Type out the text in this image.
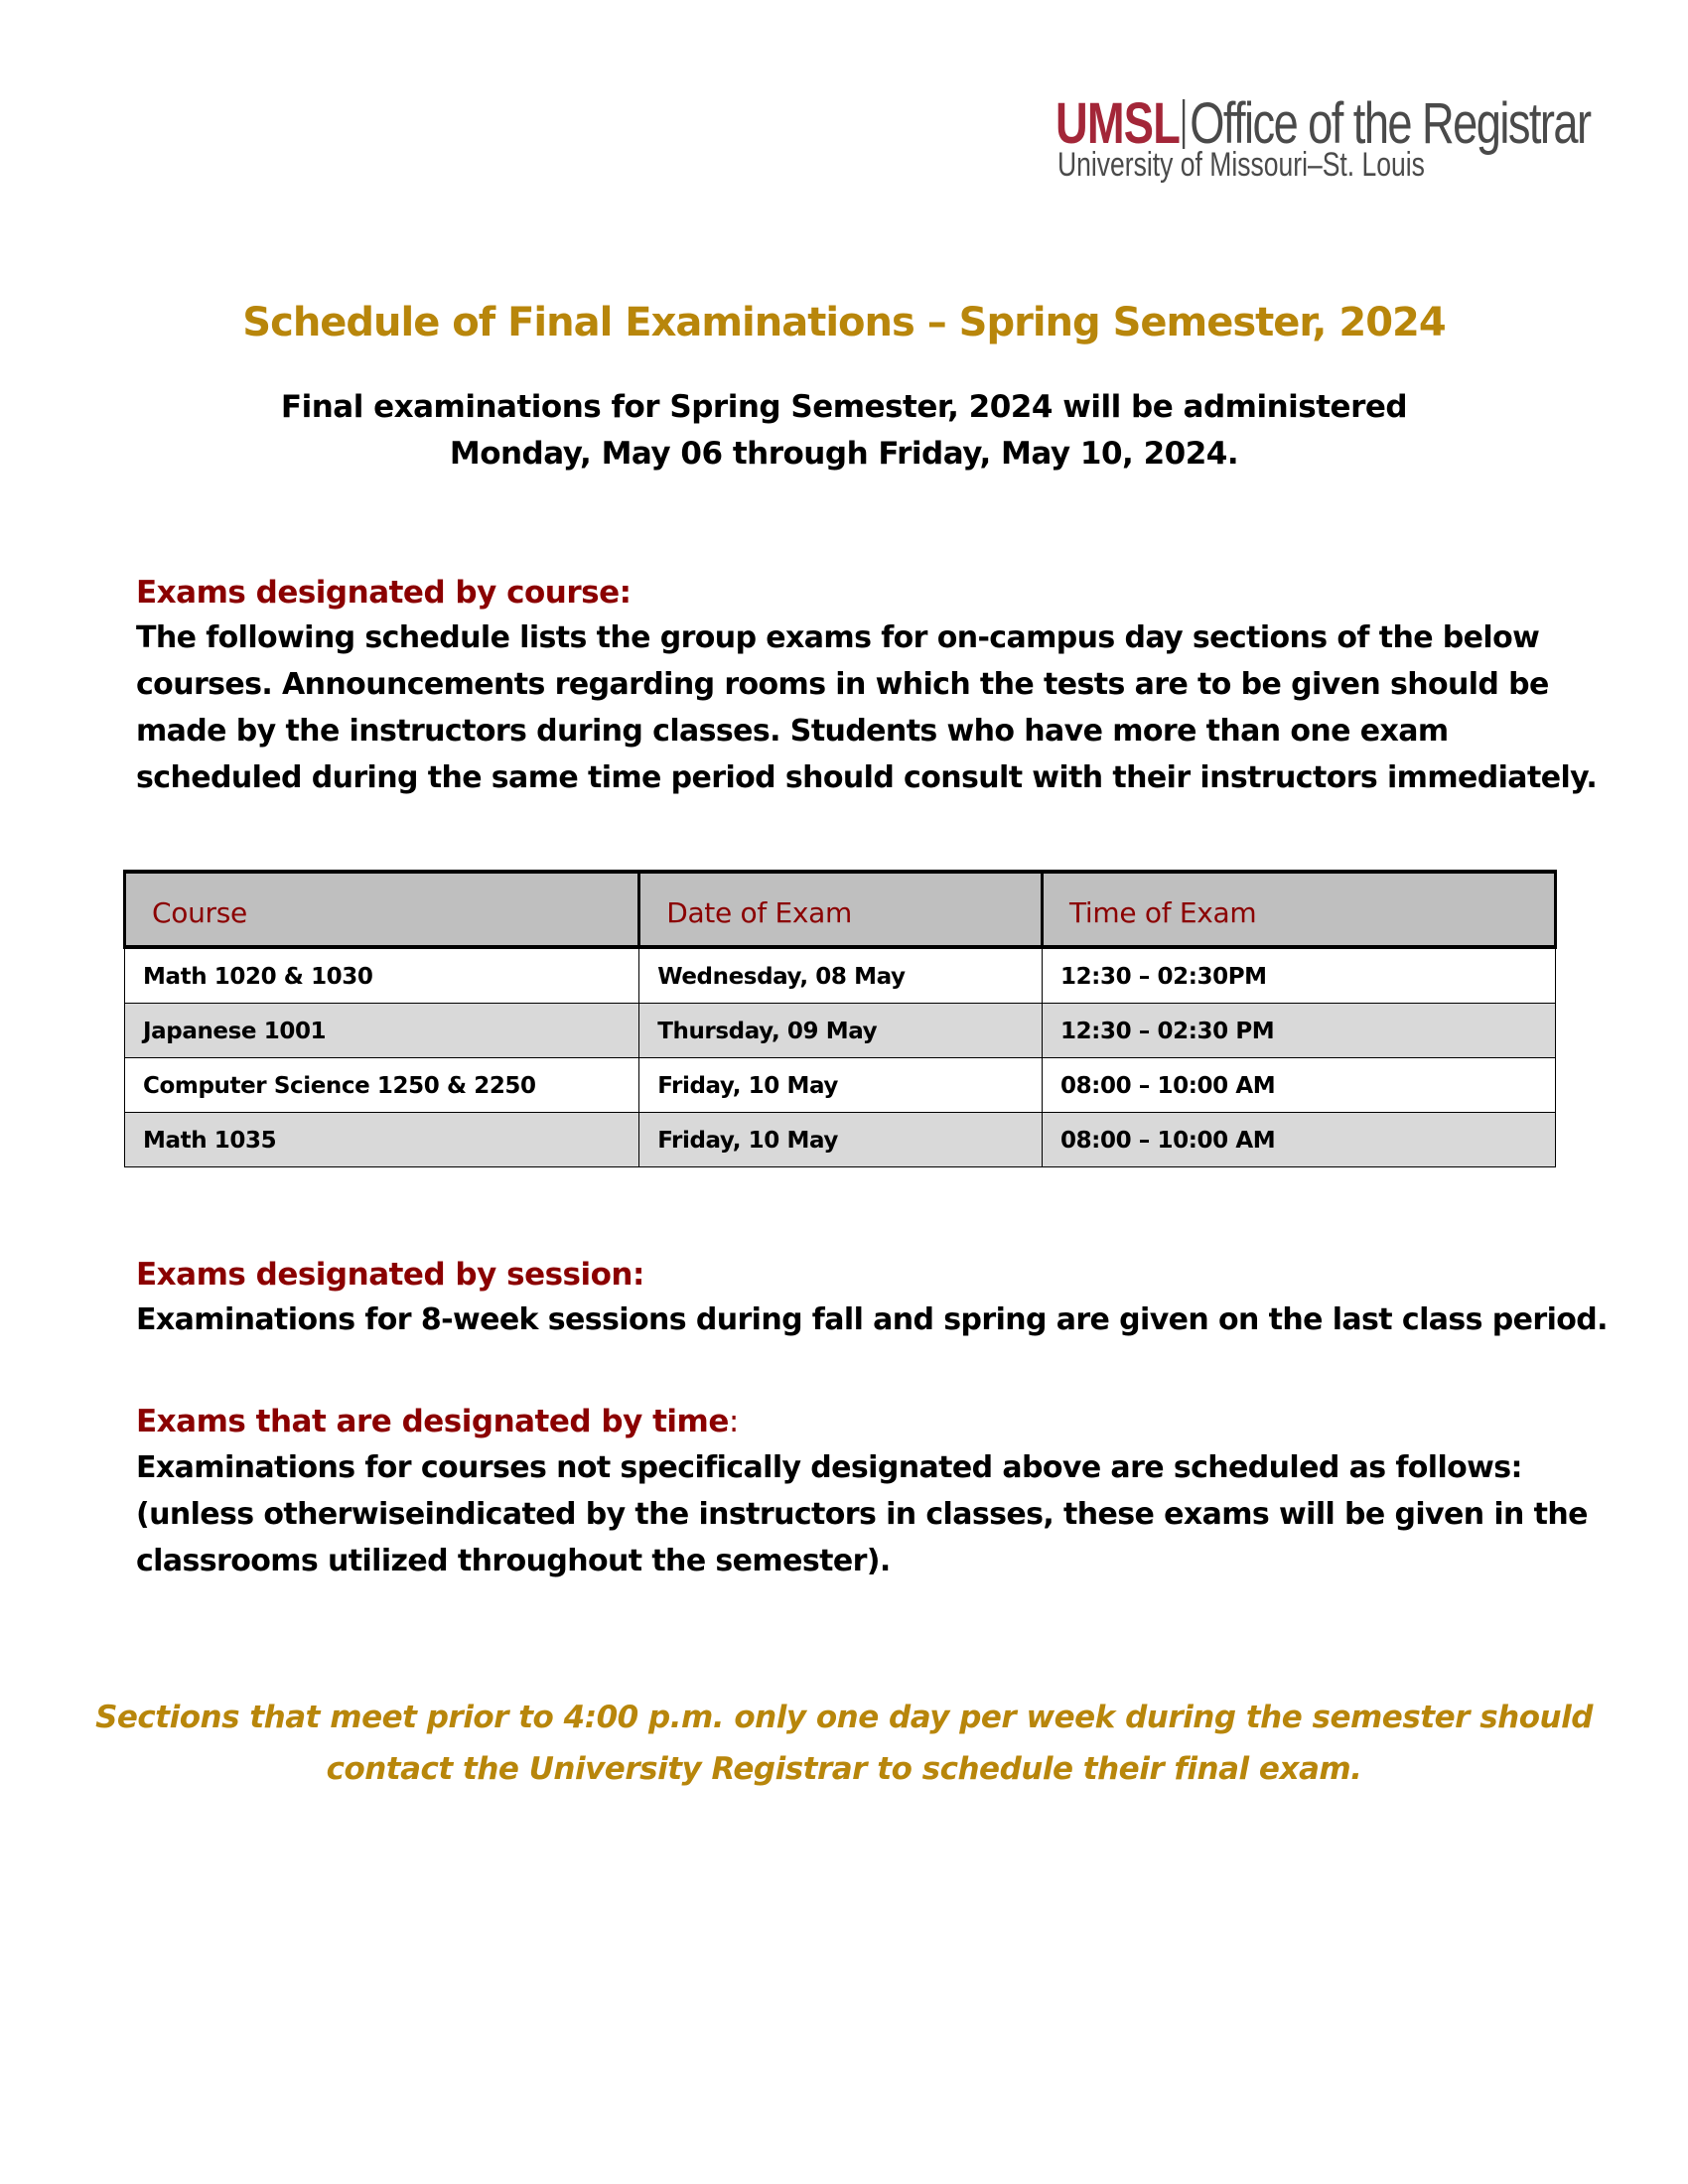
UMSL Office of the Registrar
University of Missouri–St. Louis
Schedule of Final Examinations – Spring Semester, 2024
Final examinations for Spring Semester, 2024 will be administered
Monday, May 06 through Friday, May 10, 2024.
Exams designated by course:
The following schedule lists the group exams for on-campus day sections of the below
courses. Announcements regarding rooms in which the tests are to be given should be
made by the instructors during classes. Students who have more than one exam
scheduled during the same time period should consult with their instructors immediately.
Course	Date of Exam	Time of Exam
Math 1020 & 1030	Wednesday, 08 May	12:30 – 02:30PM
Japanese 1001	Thursday, 09 May	12:30 – 02:30 PM
Computer Science 1250 & 2250	Friday, 10 May	08:00 – 10:00 AM
Math 1035	Friday, 10 May	08:00 – 10:00 AM
Exams designated by session:
Examinations for 8-week sessions during fall and spring are given on the last class period.
Exams that are designated by time:
Examinations for courses not specifically designated above are scheduled as follows:
(unless otherwiseindicated by the instructors in classes, these exams will be given in the
classrooms utilized throughout the semester).
Sections that meet prior to 4:00 p.m. only one day per week during the semester should
contact the University Registrar to schedule their final exam.
